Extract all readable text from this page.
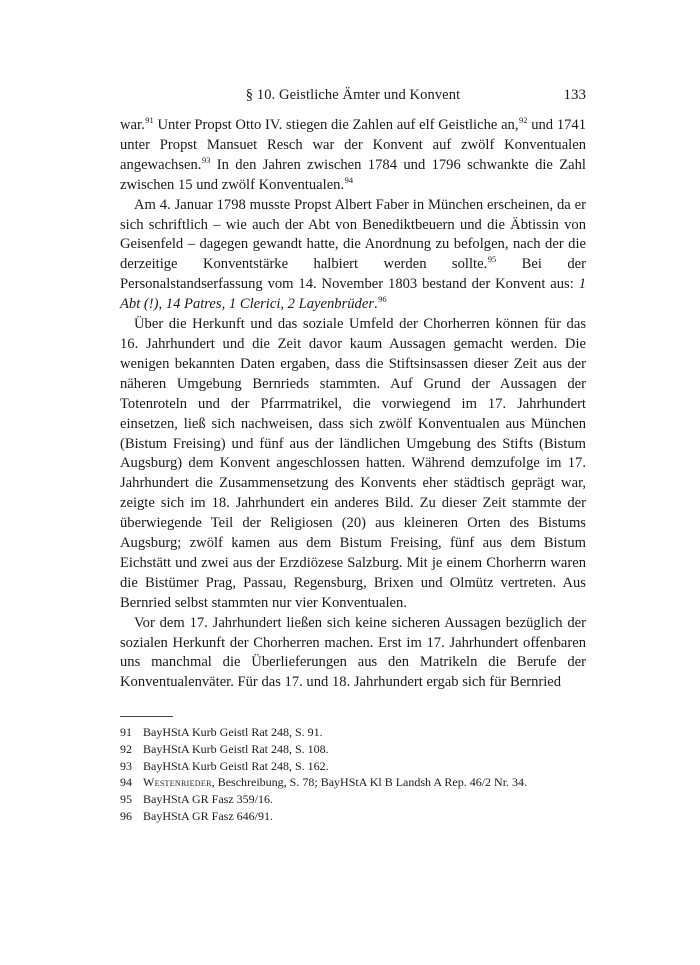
§ 10. Geistliche Ämter und Konvent	133

war.$^{91}$ Unter Propst Otto IV. stiegen die Zahlen auf elf Geistliche an,$^{92}$ und 1741 unter Propst Mansuet Resch war der Konvent auf zwölf Konventualen angewachsen.$^{93}$ In den Jahren zwischen 1784 und 1796 schwankte die Zahl zwischen 15 und zwölf Konventualen.$^{94}$

Am 4. Januar 1798 musste Propst Albert Faber in München erscheinen, da er sich schriftlich – wie auch der Abt von Benediktbeuern und die Äbtissin von Geisenfeld – dagegen gewandt hatte, die Anordnung zu befolgen, nach der die derzeitige Konventstärke halbiert werden sollte.$^{95}$ Bei der Personalstandserfassung vom 14. November 1803 bestand der Konvent aus: 1 Abt (!), 14 Patres, 1 Clerici, 2 Layenbrüder.$^{96}$

Über die Herkunft und das soziale Umfeld der Chorherren können für das 16. Jahrhundert und die Zeit davor kaum Aussagen gemacht werden. Die wenigen bekannten Daten ergaben, dass die Stiftsinsassen dieser Zeit aus der näheren Umgebung Bernrieds stammten. Auf Grund der Aussagen der Totenroteln und der Pfarrmatrikel, die vorwiegend im 17. Jahrhundert einsetzen, ließ sich nachweisen, dass sich zwölf Konventualen aus München (Bistum Freising) und fünf aus der ländlichen Umgebung des Stifts (Bistum Augsburg) dem Konvent angeschlossen hatten. Während demzufolge im 17. Jahrhundert die Zusammensetzung des Konvents eher städtisch geprägt war, zeigte sich im 18. Jahrhundert ein anderes Bild. Zu dieser Zeit stammte der überwiegende Teil der Religiosen (20) aus kleineren Orten des Bistums Augsburg; zwölf kamen aus dem Bistum Freising, fünf aus dem Bistum Eichstätt und zwei aus der Erzdiözese Salzburg. Mit je einem Chorherrn waren die Bistümer Prag, Passau, Regensburg, Brixen und Olmütz vertreten. Aus Bernried selbst stammten nur vier Konventualen.

Vor dem 17. Jahrhundert ließen sich keine sicheren Aussagen bezüglich der sozialen Herkunft der Chorherren machen. Erst im 17. Jahrhundert offenbaren uns manchmal die Überlieferungen aus den Matrikeln die Berufe der Konventualenväter. Für das 17. und 18. Jahrhundert ergab sich für Bernried

91 BayHStA Kurb Geistl Rat 248, S. 91.
92 BayHStA Kurb Geistl Rat 248, S. 108.
93 BayHStA Kurb Geistl Rat 248, S. 162.
94 Westenrieder, Beschreibung, S. 78; BayHStA Kl B Landsh A Rep. 46/2 Nr. 34.
95 BayHStA GR Fasz 359/16.
96 BayHStA GR Fasz 646/91.
